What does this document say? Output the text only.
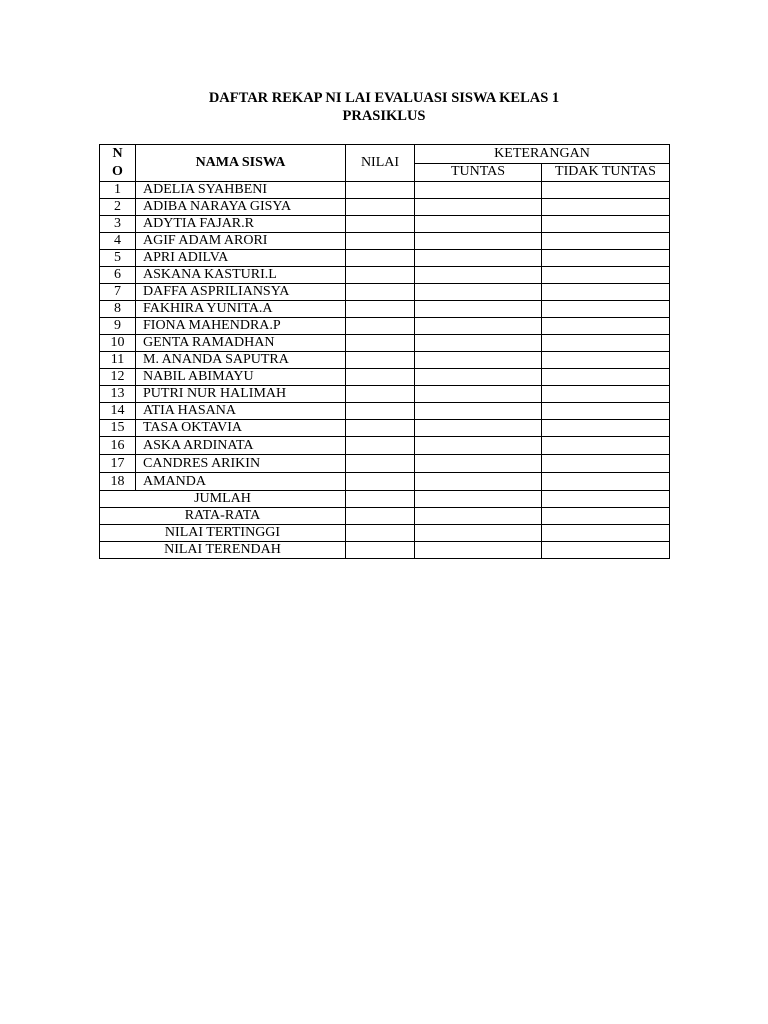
DAFTAR REKAP NI LAI EVALUASI SISWA KELAS 1
PRASIKLUS
N
O	NAMA SISWA	NILAI	KETERANGAN	
			TUNTAS	TIDAK TUNTAS
1	ADELIA SYAHBENI			
2	ADIBA NARAYA GISYA			
3	ADYTIA FAJAR.R			
4	AGIF ADAM ARORI			
5	APRI ADILVA			
6	ASKANA KASTURI.L			
7	DAFFA ASPRILIANSYA			
8	FAKHIRA YUNITA.A			
9	FIONA MAHENDRA.P			
10	GENTA RAMADHAN			
11	M. ANANDA SAPUTRA			
12	NABIL ABIMAYU			
13	PUTRI NUR HALIMAH			
14	ATIA HASANA			
15	TASA OKTAVIA			
16	ASKA ARDINATA			
17	CANDRES ARIKIN			
18	AMANDA			
JUMLAH				
RATA-RATA				
NILAI TERTINGGI				
NILAI TERENDAH				
